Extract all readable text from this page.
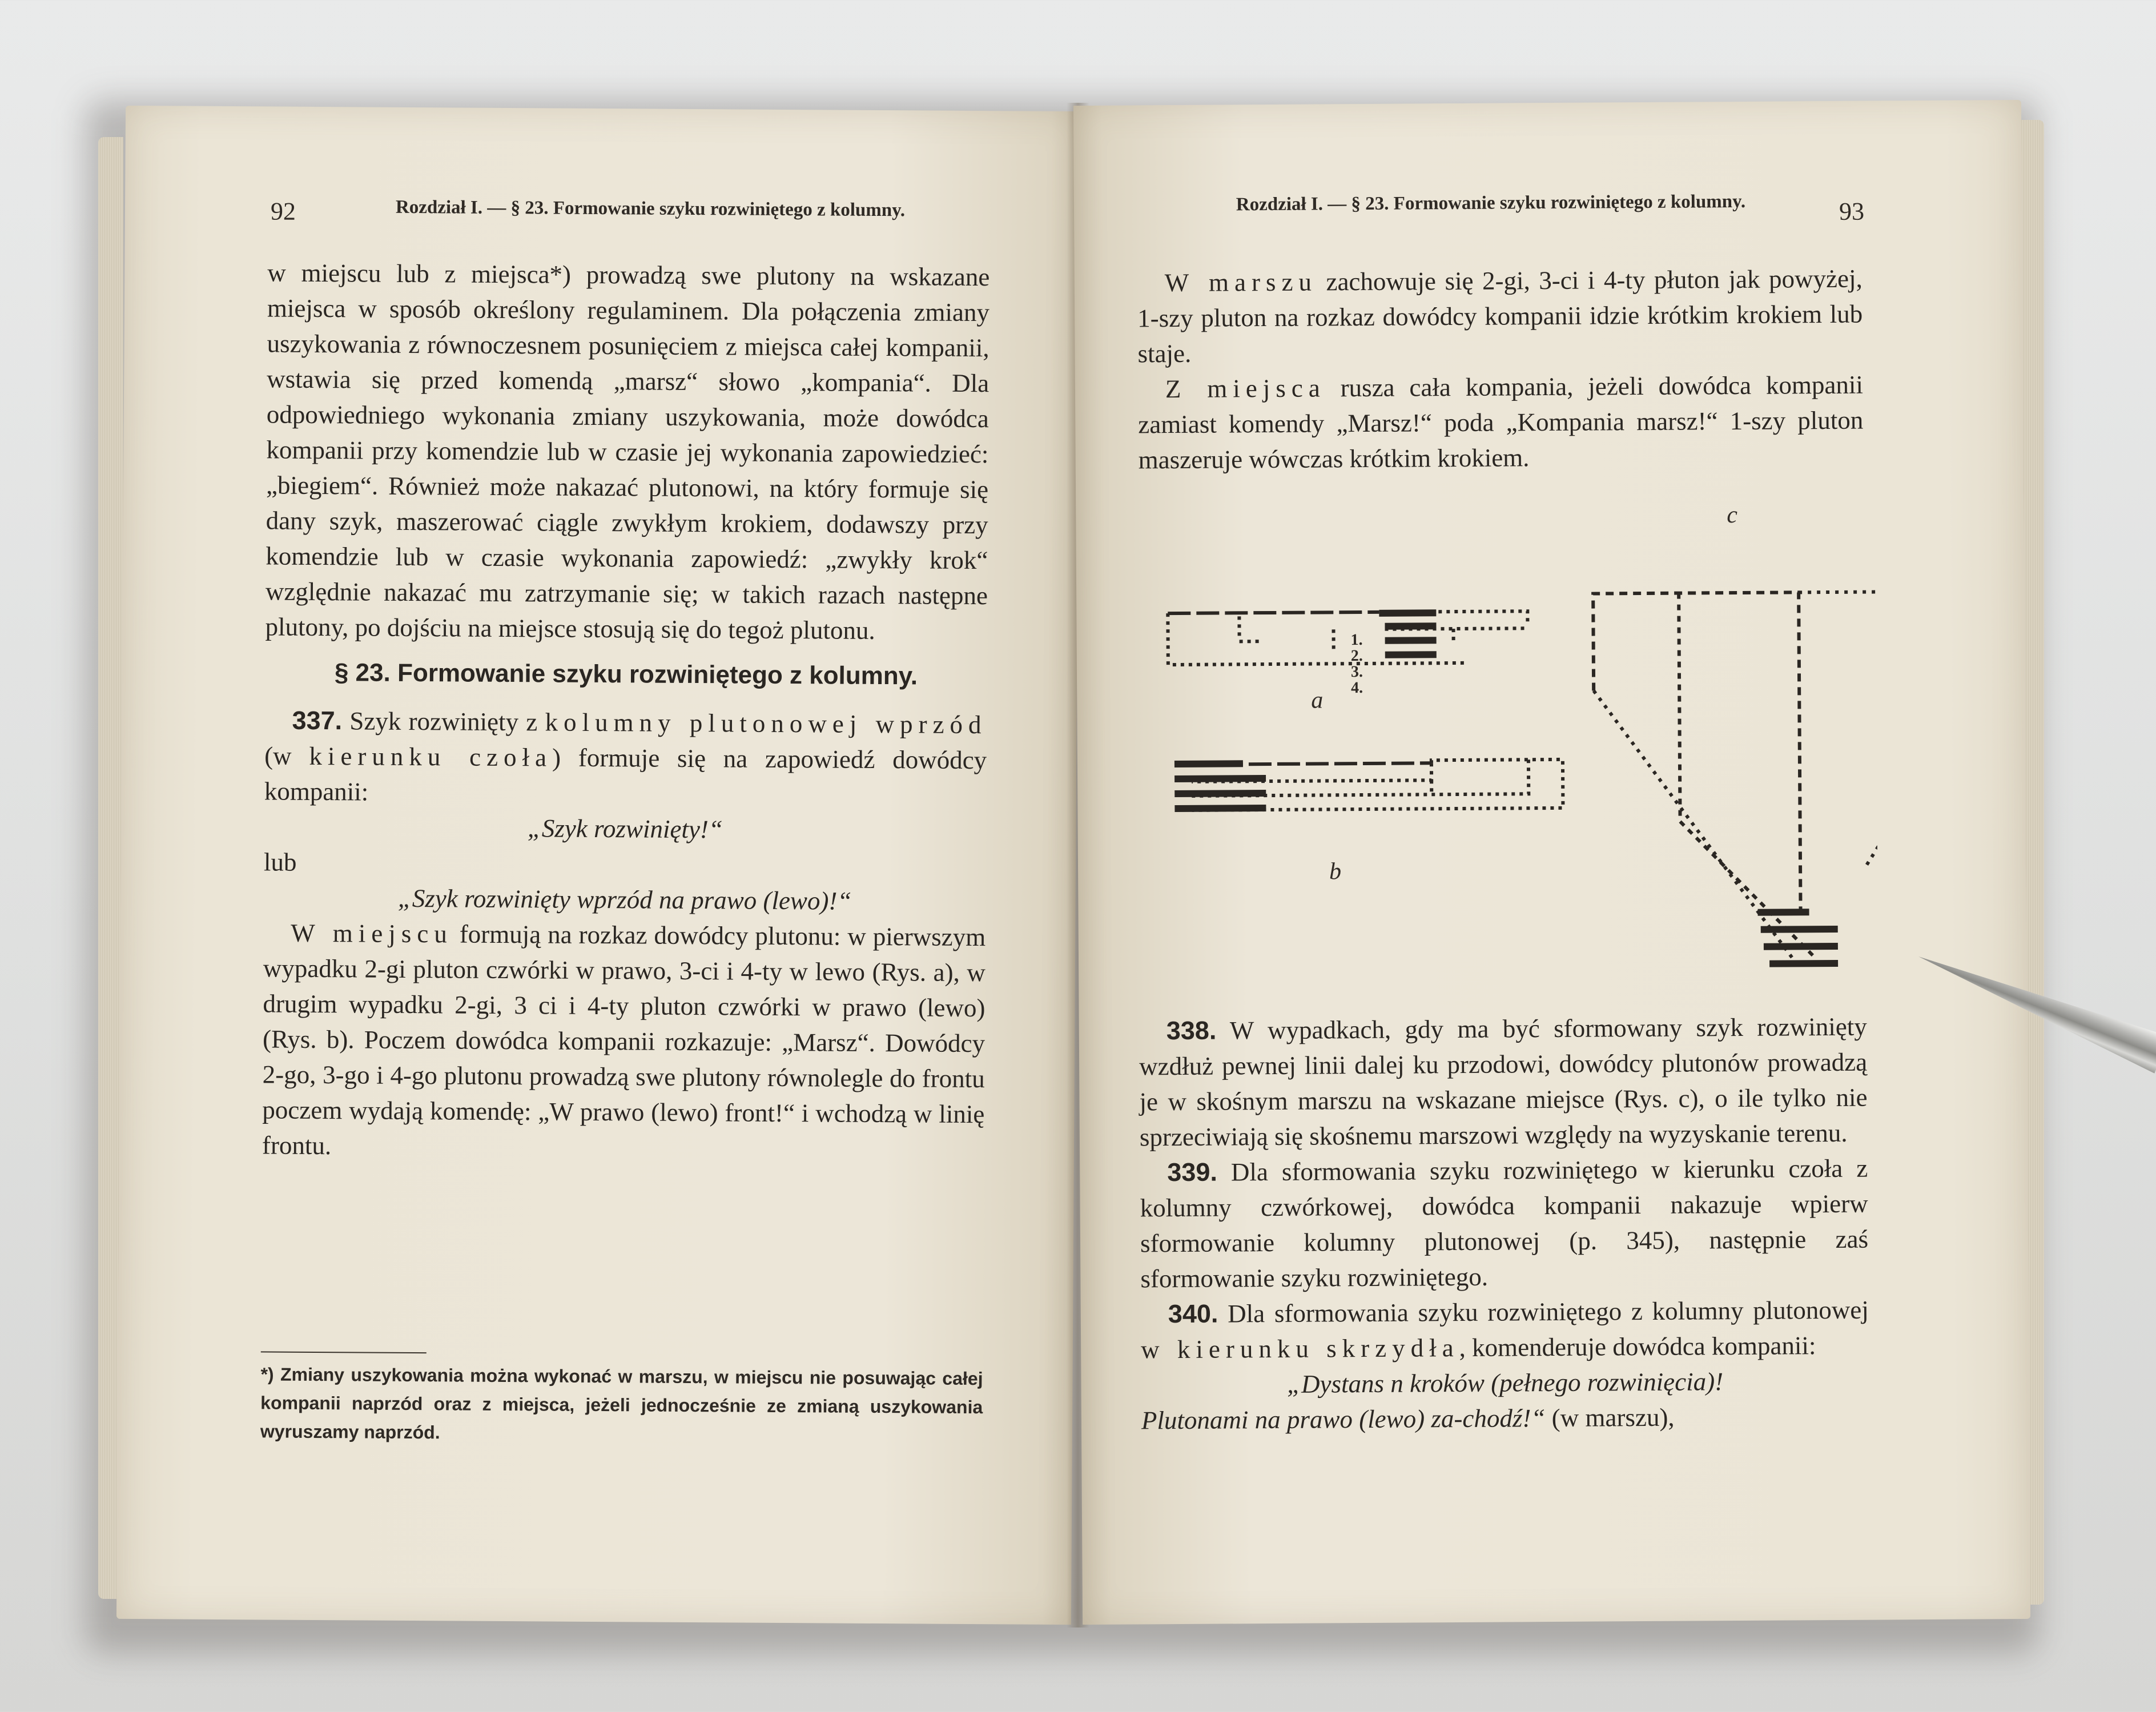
92	Rozdział I. — § 23. Formowanie szyku rozwiniętego z kolumny.

w miejscu lub z miejsca*) prowadzą swe plutony na wskazane miejsca w sposób określony regulaminem. Dla połączenia zmiany uszykowania z równoczesnem posunięciem z miejsca całej kompanii, wstawia się przed komendą „marsz“ słowo „kompania“. Dla odpowiedniego wykonania zmiany uszykowania, może dowódca kompanii przy komendzie lub w czasie jej wykonania zapowiedzieć: „biegiem“. Również może nakazać plutonowi, na który formuje się dany szyk, maszerować ciągle zwykłym krokiem, dodawszy przy komendzie lub w czasie wykonania zapowiedź: „zwykły krok“ względnie nakazać mu zatrzymanie się; w takich razach następne plutony, po dojściu na miejsce stosują się do tegoż plutonu.

§ 23. Formowanie szyku rozwiniętego z kolumny.

337. Szyk rozwinięty z kolumny plutonowej wprzód (w kierunku czoła) formuje się na zapowiedź dowódcy kompanii:

„Szyk rozwinięty!“

lub

„Szyk rozwinięty wprzód na prawo (lewo)!“

W miejscu formują na rozkaz dowódcy plutonu: w pierwszym wypadku 2-gi pluton czwórki w prawo, 3-ci i 4-ty w lewo (Rys. a), w drugim wypadku 2-gi, 3 ci i 4-ty pluton czwórki w prawo (lewo) (Rys. b). Poczem dowódca kompanii rozkazuje: „Marsz“. Dowódcy 2-go, 3-go i 4-go plutonu prowadzą swe plutony równolegle do frontu poczem wydają komendę: „W prawo (lewo) front!“ i wchodzą w linię frontu.

*) Zmiany uszykowania można wykonać w marszu, w miejscu nie posuwając całej kompanii naprzód oraz z miejsca, jeżeli jednocześnie ze zmianą uszykowania wyruszamy naprzód.
Rozdział I. — § 23. Formowanie szyku rozwiniętego z kolumny.	93

W marszu zachowuje się 2-gi, 3-ci i 4-ty płuton jak powyżej, 1-szy pluton na rozkaz dowódcy kompanii idzie krótkim krokiem lub staje.

Z miejsca rusza cała kompania, jeżeli dowódca kompanii zamiast komendy „Marsz!“ poda „Kompania marsz!“ 1-szy pluton maszeruje wówczas krótkim krokiem.

1.
2.
3.
4.
a
b
c

338. W wypadkach, gdy ma być sformowany szyk rozwinięty wzdłuż pewnej linii dalej ku przodowi, dowódcy plutonów prowadzą je w skośnym marszu na wskazane miejsce (Rys. c), o ile tylko nie sprzeciwiają się skośnemu marszowi względy na wyzyskanie terenu.

339. Dla sformowania szyku rozwiniętego w kierunku czoła z kolumny czwórkowej, dowódca kompanii nakazuje wpierw sformowanie kolumny plutonowej (p. 345), następnie zaś sformowanie szyku rozwiniętego.

340. Dla sformowania szyku rozwiniętego z kolumny plutonowej w kierunku skrzydła, komenderuje dowódca kompanii:

„Dystans n kroków (pełnego rozwinięcia)!

Plutonami na prawo (lewo) za-chodź!“ (w marszu),
